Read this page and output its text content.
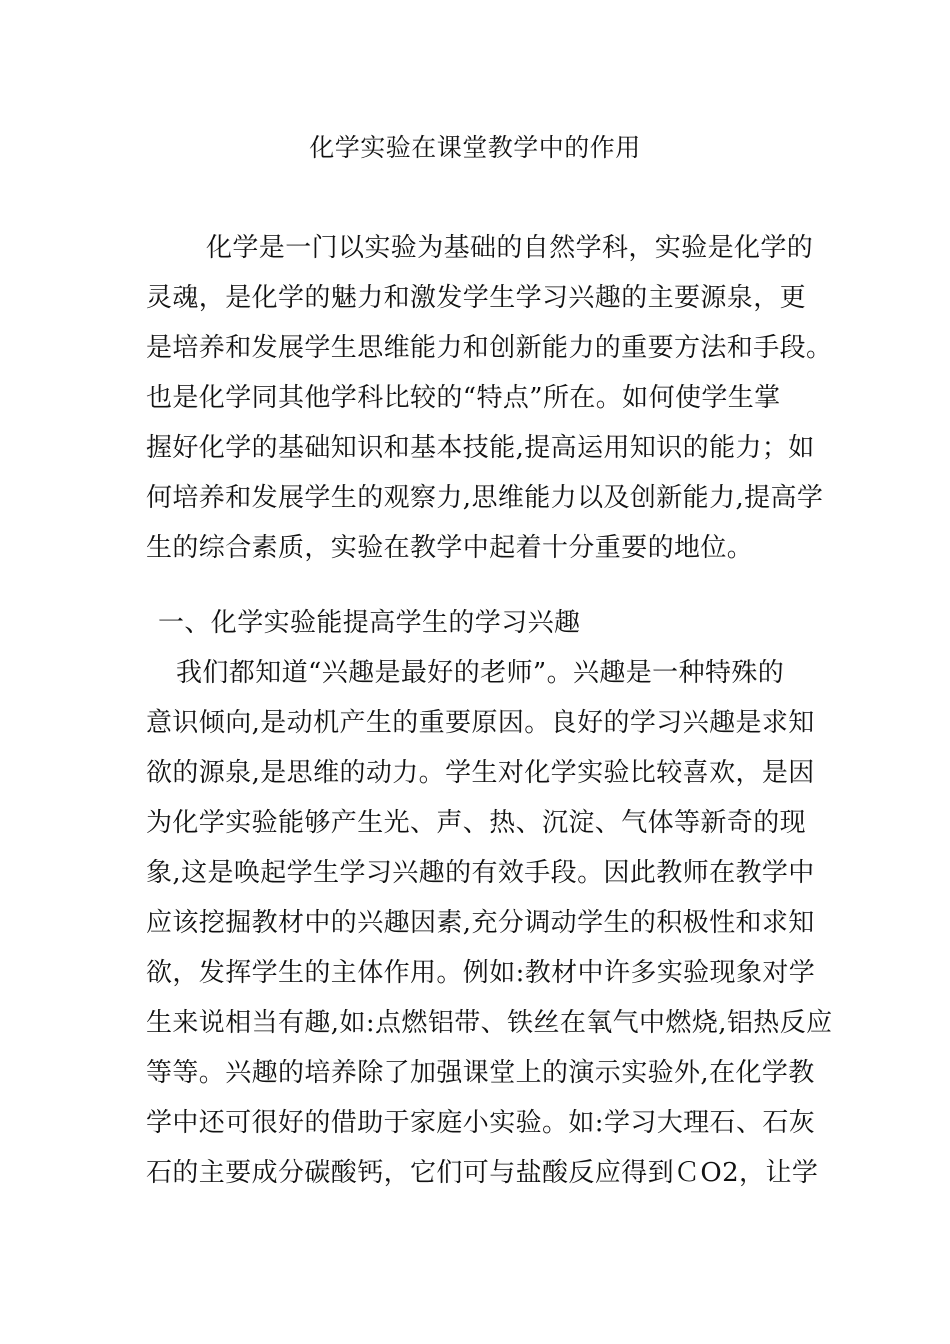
化学实验在课堂教学中的作用
化学是一门以实验为基础的自然学科，实验是化学的
灵魂，是化学的魅力和激发学生学习兴趣的主要源泉，更
是培养和发展学生思维能力和创新能力的重要方法和手段。
也是化学同其他学科比较的“特点”所在。如何使学生掌
握好化学的基础知识和基本技能,提高运用知识的能力；如
何培养和发展学生的观察力,思维能力以及创新能力,提高学
生的综合素质，实验在教学中起着十分重要的地位。
一、化学实验能提高学生的学习兴趣
我们都知道“兴趣是最好的老师”。兴趣是一种特殊的
意识倾向,是动机产生的重要原因。良好的学习兴趣是求知
欲的源泉,是思维的动力。学生对化学实验比较喜欢，是因
为化学实验能够产生光、声、热、沉淀、气体等新奇的现
象,这是唤起学生学习兴趣的有效手段。因此教师在教学中
应该挖掘教材中的兴趣因素,充分调动学生的积极性和求知
欲，发挥学生的主体作用。例如:教材中许多实验现象对学
生来说相当有趣,如:点燃铝带、铁丝在氧气中燃烧,铝热反应
等等。兴趣的培养除了加强课堂上的演示实验外,在化学教
学中还可很好的借助于家庭小实验。如:学习大理石、石灰
石的主要成分碳酸钙，它们可与盐酸反应得到ＣO2，让学
